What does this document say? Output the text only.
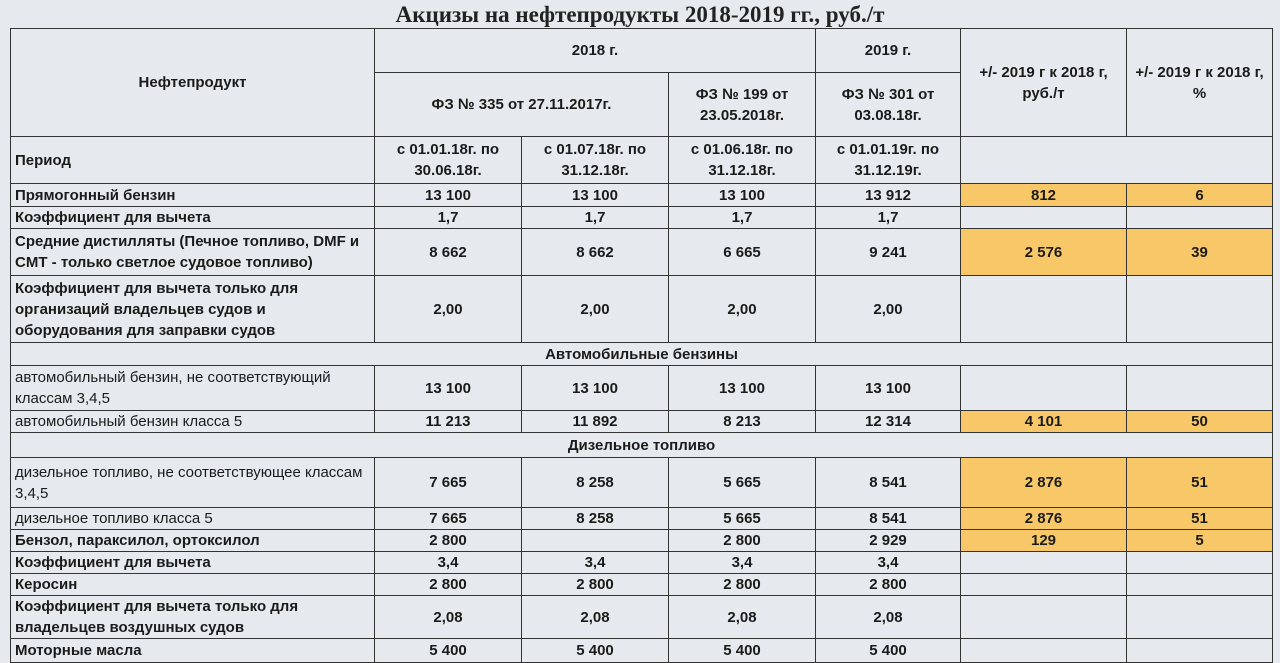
Акцизы на нефтепродукты 2018-2019 гг., руб./т
Нефтепродукт	2018 г.			2019 г.	+/- 2019 г к 2018 г, руб./т	+/- 2019 г к 2018 г, %
	ФЗ № 335 от 27.11.2017г.		ФЗ № 199 от 23.05.2018г.	ФЗ № 301 от 03.08.18г.		
Период	с 01.01.18г. по 30.06.18г.	с 01.07.18г. по 31.12.18г.	с 01.06.18г. по 31.12.18г.	с 01.01.19г. по 31.12.19г.		
Прямогонный бензин	13 100	13 100	13 100	13 912	812	6
Коэффициент для вычета	1,7	1,7	1,7	1,7		
Средние дистилляты (Печное топливо, DMF и CMT - только светлое судовое топливо)	8 662	8 662	6 665	9 241	2 576	39
Коэффициент для вычета только для организаций владельцев судов и оборудования для заправки судов	2,00	2,00	2,00	2,00		
Автомобильные бензины						
автомобильный бензин, не соответствующий классам 3,4,5	13 100	13 100	13 100	13 100		
автомобильный бензин класса 5	11 213	11 892	8 213	12 314	4 101	50
Дизельное топливо						
дизельное топливо, не соответствующее классам 3,4,5	7 665	8 258	5 665	8 541	2 876	51
дизельное топливо класса 5	7 665	8 258	5 665	8 541	2 876	51
Бензол, параксилол, ортоксилол	2 800		2 800	2 929	129	5
Коэффициент для вычета	3,4	3,4	3,4	3,4		
Керосин	2 800	2 800	2 800	2 800		
Коэффициент для вычета только для владельцев воздушных судов	2,08	2,08	2,08	2,08		
Моторные масла	5 400	5 400	5 400	5 400		
